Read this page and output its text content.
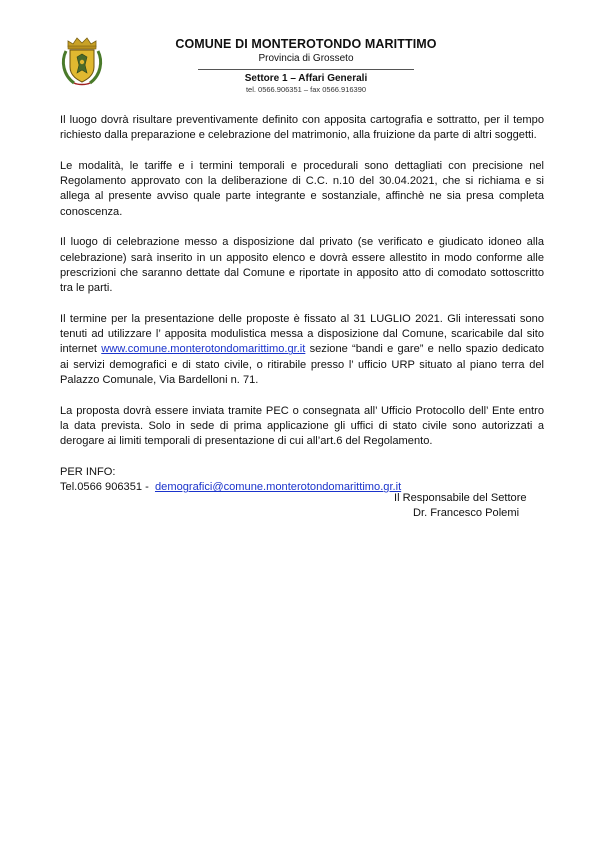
COMUNE DI MONTEROTONDO MARITTIMO
Provincia di Grosseto
Settore 1 – Affari Generali
tel. 0566.906351 – fax 0566.916390

Il luogo dovrà risultare preventivamente definito con apposita cartografia e sottratto, per il tempo richiesto dalla preparazione e celebrazione del matrimonio, alla fruizione da parte di altri soggetti.

Le modalità, le tariffe e i termini temporali e procedurali sono dettagliati con precisione nel Regolamento approvato con la deliberazione di C.C. n.10 del 30.04.2021, che si richiama e si allega al presente avviso quale parte integrante e sostanziale, affinchè ne sia presa completa conoscenza.

Il luogo di celebrazione messo a disposizione dal privato (se verificato e giudicato idoneo alla celebrazione) sarà inserito in un apposito elenco e dovrà essere allestito in modo conforme alle prescrizioni che saranno dettate dal Comune e riportate in apposito atto di comodato sottoscritto tra le parti.

Il termine per la presentazione delle proposte è fissato al 31 LUGLIO 2021. Gli interessati sono tenuti ad utilizzare l’ apposita modulistica messa a disposizione dal Comune, scaricabile dal sito internet www.comune.monterotondomarittimo.gr.it sezione “bandi e gare” e nello spazio dedicato ai servizi demografici e di stato civile, o ritirabile presso l’ ufficio URP situato al piano terra del Palazzo Comunale, Via Bardelloni n. 71.

La proposta dovrà essere inviata tramite PEC o consegnata all’ Ufficio Protocollo dell’ Ente entro la data prevista. Solo in sede di prima applicazione gli uffici di stato civile sono autorizzati a derogare ai limiti temporali di presentazione di cui all’art.6 del Regolamento.

PER INFO:
Tel.0566 906351 -  demografici@comune.monterotondomarittimo.gr.it
Il Responsabile del Settore
Dr. Francesco Polemi
